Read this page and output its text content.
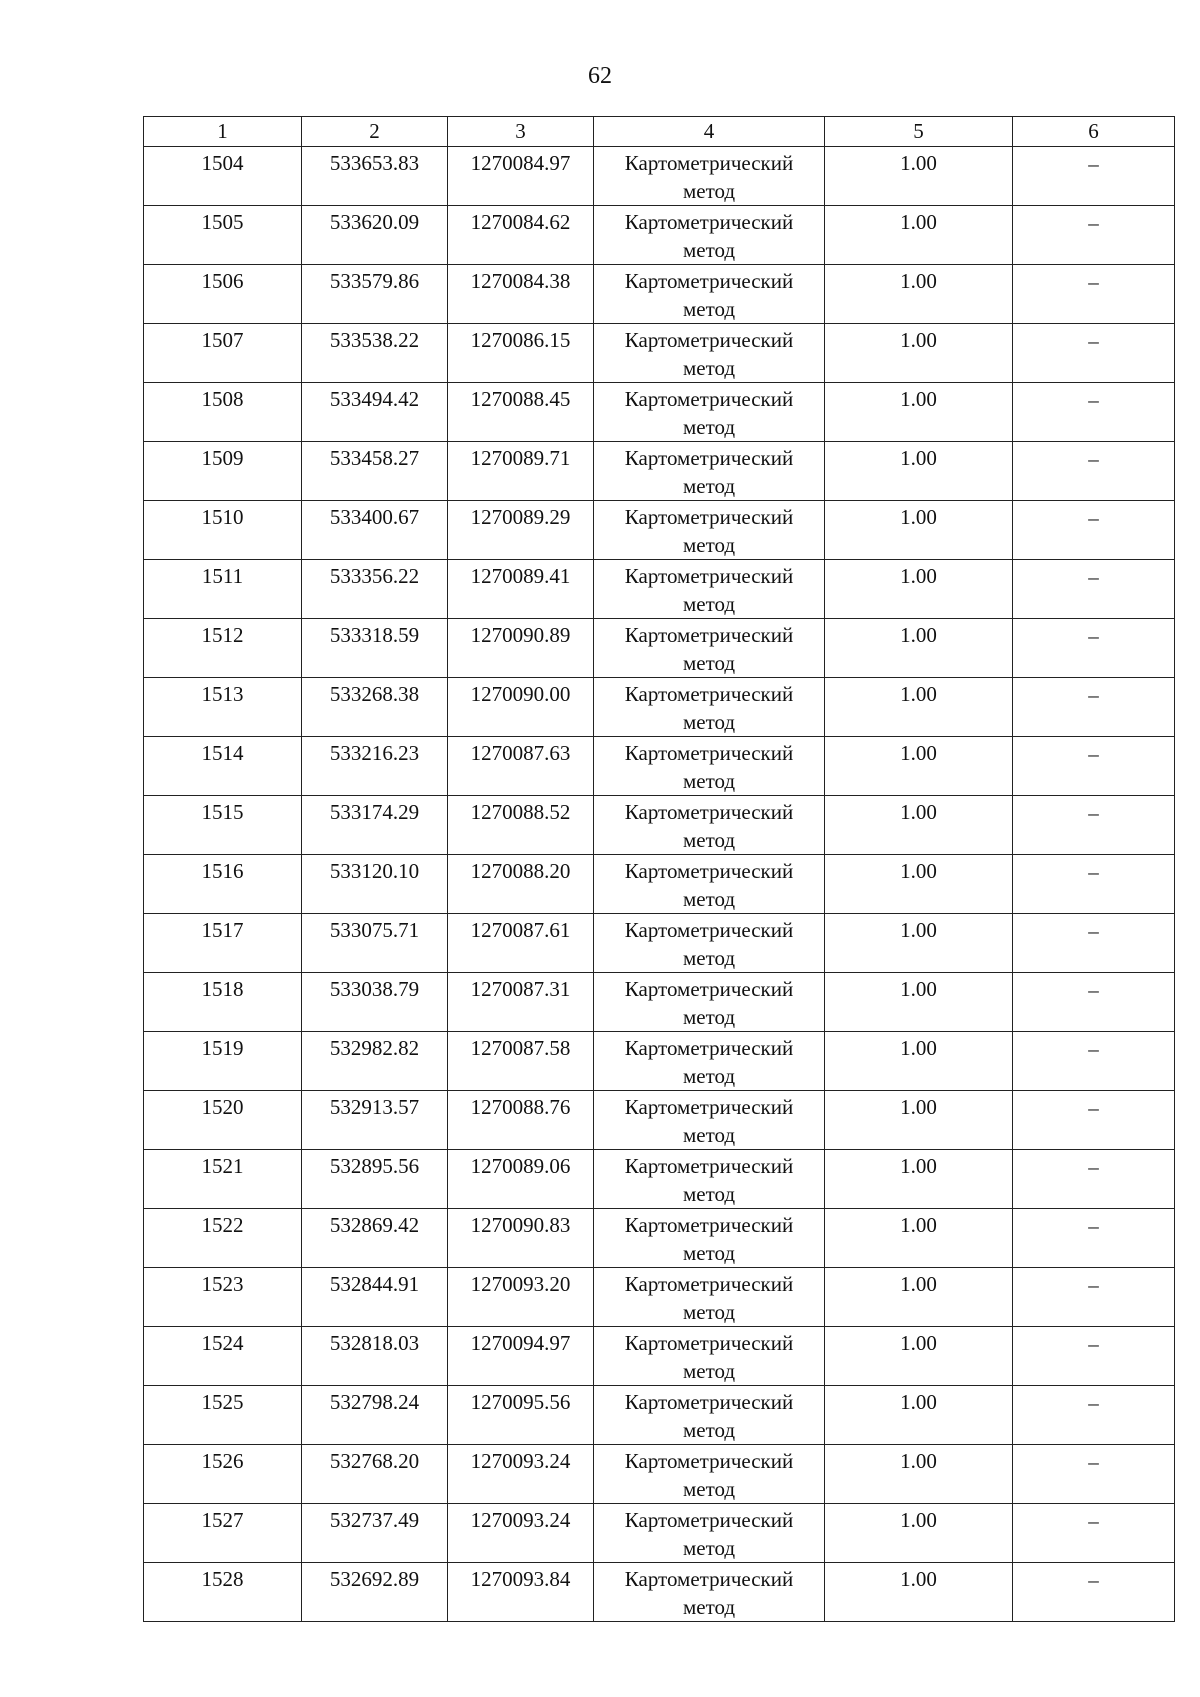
62
1	2	3	4	5	6
1504	533653.83	1270084.97	Картометрический метод	1.00	–
1505	533620.09	1270084.62	Картометрический метод	1.00	–
1506	533579.86	1270084.38	Картометрический метод	1.00	–
1507	533538.22	1270086.15	Картометрический метод	1.00	–
1508	533494.42	1270088.45	Картометрический метод	1.00	–
1509	533458.27	1270089.71	Картометрический метод	1.00	–
1510	533400.67	1270089.29	Картометрический метод	1.00	–
1511	533356.22	1270089.41	Картометрический метод	1.00	–
1512	533318.59	1270090.89	Картометрический метод	1.00	–
1513	533268.38	1270090.00	Картометрический метод	1.00	–
1514	533216.23	1270087.63	Картометрический метод	1.00	–
1515	533174.29	1270088.52	Картометрический метод	1.00	–
1516	533120.10	1270088.20	Картометрический метод	1.00	–
1517	533075.71	1270087.61	Картометрический метод	1.00	–
1518	533038.79	1270087.31	Картометрический метод	1.00	–
1519	532982.82	1270087.58	Картометрический метод	1.00	–
1520	532913.57	1270088.76	Картометрический метод	1.00	–
1521	532895.56	1270089.06	Картометрический метод	1.00	–
1522	532869.42	1270090.83	Картометрический метод	1.00	–
1523	532844.91	1270093.20	Картометрический метод	1.00	–
1524	532818.03	1270094.97	Картометрический метод	1.00	–
1525	532798.24	1270095.56	Картометрический метод	1.00	–
1526	532768.20	1270093.24	Картометрический метод	1.00	–
1527	532737.49	1270093.24	Картометрический метод	1.00	–
1528	532692.89	1270093.84	Картометрический метод	1.00	–
